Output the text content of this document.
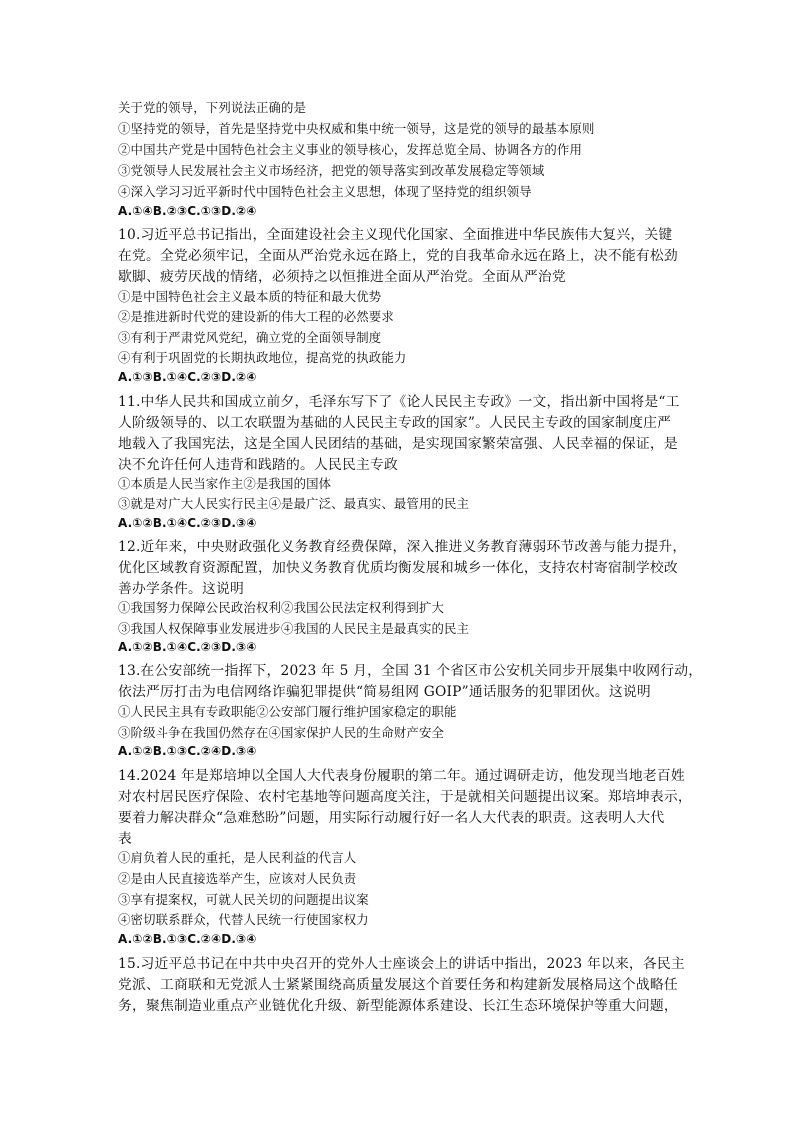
关于党的领导，下列说法正确的是
①坚持党的领导，首先是坚持党中央权威和集中统一领导，这是党的领导的最基本原则
②中国共产党是中国特色社会主义事业的领导核心，发挥总览全局、协调各方的作用
③党领导人民发展社会主义市场经济，把党的领导落实到改革发展稳定等领域
④深入学习习近平新时代中国特色社会主义思想，体现了坚持党的组织领导
A.①④B.②③C.①③D.②④
10.习近平总书记指出，全面建设社会主义现代化国家、全面推进中华民族伟大复兴，关键
在党。全党必须牢记，全面从严治党永远在路上，党的自我革命永远在路上，决不能有松劲
歇脚、疲劳厌战的情绪，必须持之以恒推进全面从严治党。全面从严治党
①是中国特色社会主义最本质的特征和最大优势
②是推进新时代党的建设新的伟大工程的必然要求
③有利于严肃党风党纪，确立党的全面领导制度
④有利于巩固党的长期执政地位，提高党的执政能力
A.①③B.①④C.②③D.②④
11.中华人民共和国成立前夕，毛泽东写下了《论人民民主专政》一文，指出新中国将是“工
人阶级领导的、以工农联盟为基础的人民民主专政的国家”。人民民主专政的国家制度庄严
地载入了我国宪法，这是全国人民团结的基础，是实现国家繁荣富强、人民幸福的保证，是
决不允许任何人违背和践踏的。人民民主专政
①本质是人民当家作主②是我国的国体
③就是对广大人民实行民主④是最广泛、最真实、最管用的民主
A.①②B.①④C.②③D.③④
12.近年来，中央财政强化义务教育经费保障，深入推进义务教育薄弱环节改善与能力提升，
优化区域教育资源配置，加快义务教育优质均衡发展和城乡一体化，支持农村寄宿制学校改
善办学条件。这说明
①我国努力保障公民政治权利②我国公民法定权利得到扩大
③我国人权保障事业发展进步④我国的人民民主是最真实的民主
A.①②B.①④C.②③D.③④
13.在公安部统一指挥下，2023 年 5 月，全国 31 个省区市公安机关同步开展集中收网行动，
依法严厉打击为电信网络诈骗犯罪提供“简易组网 GOIP”通话服务的犯罪团伙。这说明
①人民民主具有专政职能②公安部门履行维护国家稳定的职能
③阶级斗争在我国仍然存在④国家保护人民的生命财产安全
A.①②B.①③C.②④D.③④
14.2024 年是郑培坤以全国人大代表身份履职的第二年。通过调研走访，他发现当地老百姓
对农村居民医疗保险、农村宅基地等问题高度关注，于是就相关问题提出议案。郑培坤表示，
要着力解决群众“急难愁盼”问题，用实际行动履行好一名人大代表的职责。这表明人大代
表
①肩负着人民的重托，是人民利益的代言人
②是由人民直接选举产生，应该对人民负责
③享有提案权，可就人民关切的问题提出议案
④密切联系群众，代替人民统一行使国家权力
A.①②B.①③C.②④D.③④
15.习近平总书记在中共中央召开的党外人士座谈会上的讲话中指出，2023 年以来，各民主
党派、工商联和无党派人士紧紧围绕高质量发展这个首要任务和构建新发展格局这个战略任
务，聚焦制造业重点产业链优化升级、新型能源体系建设、长江生态环境保护等重大问题，
